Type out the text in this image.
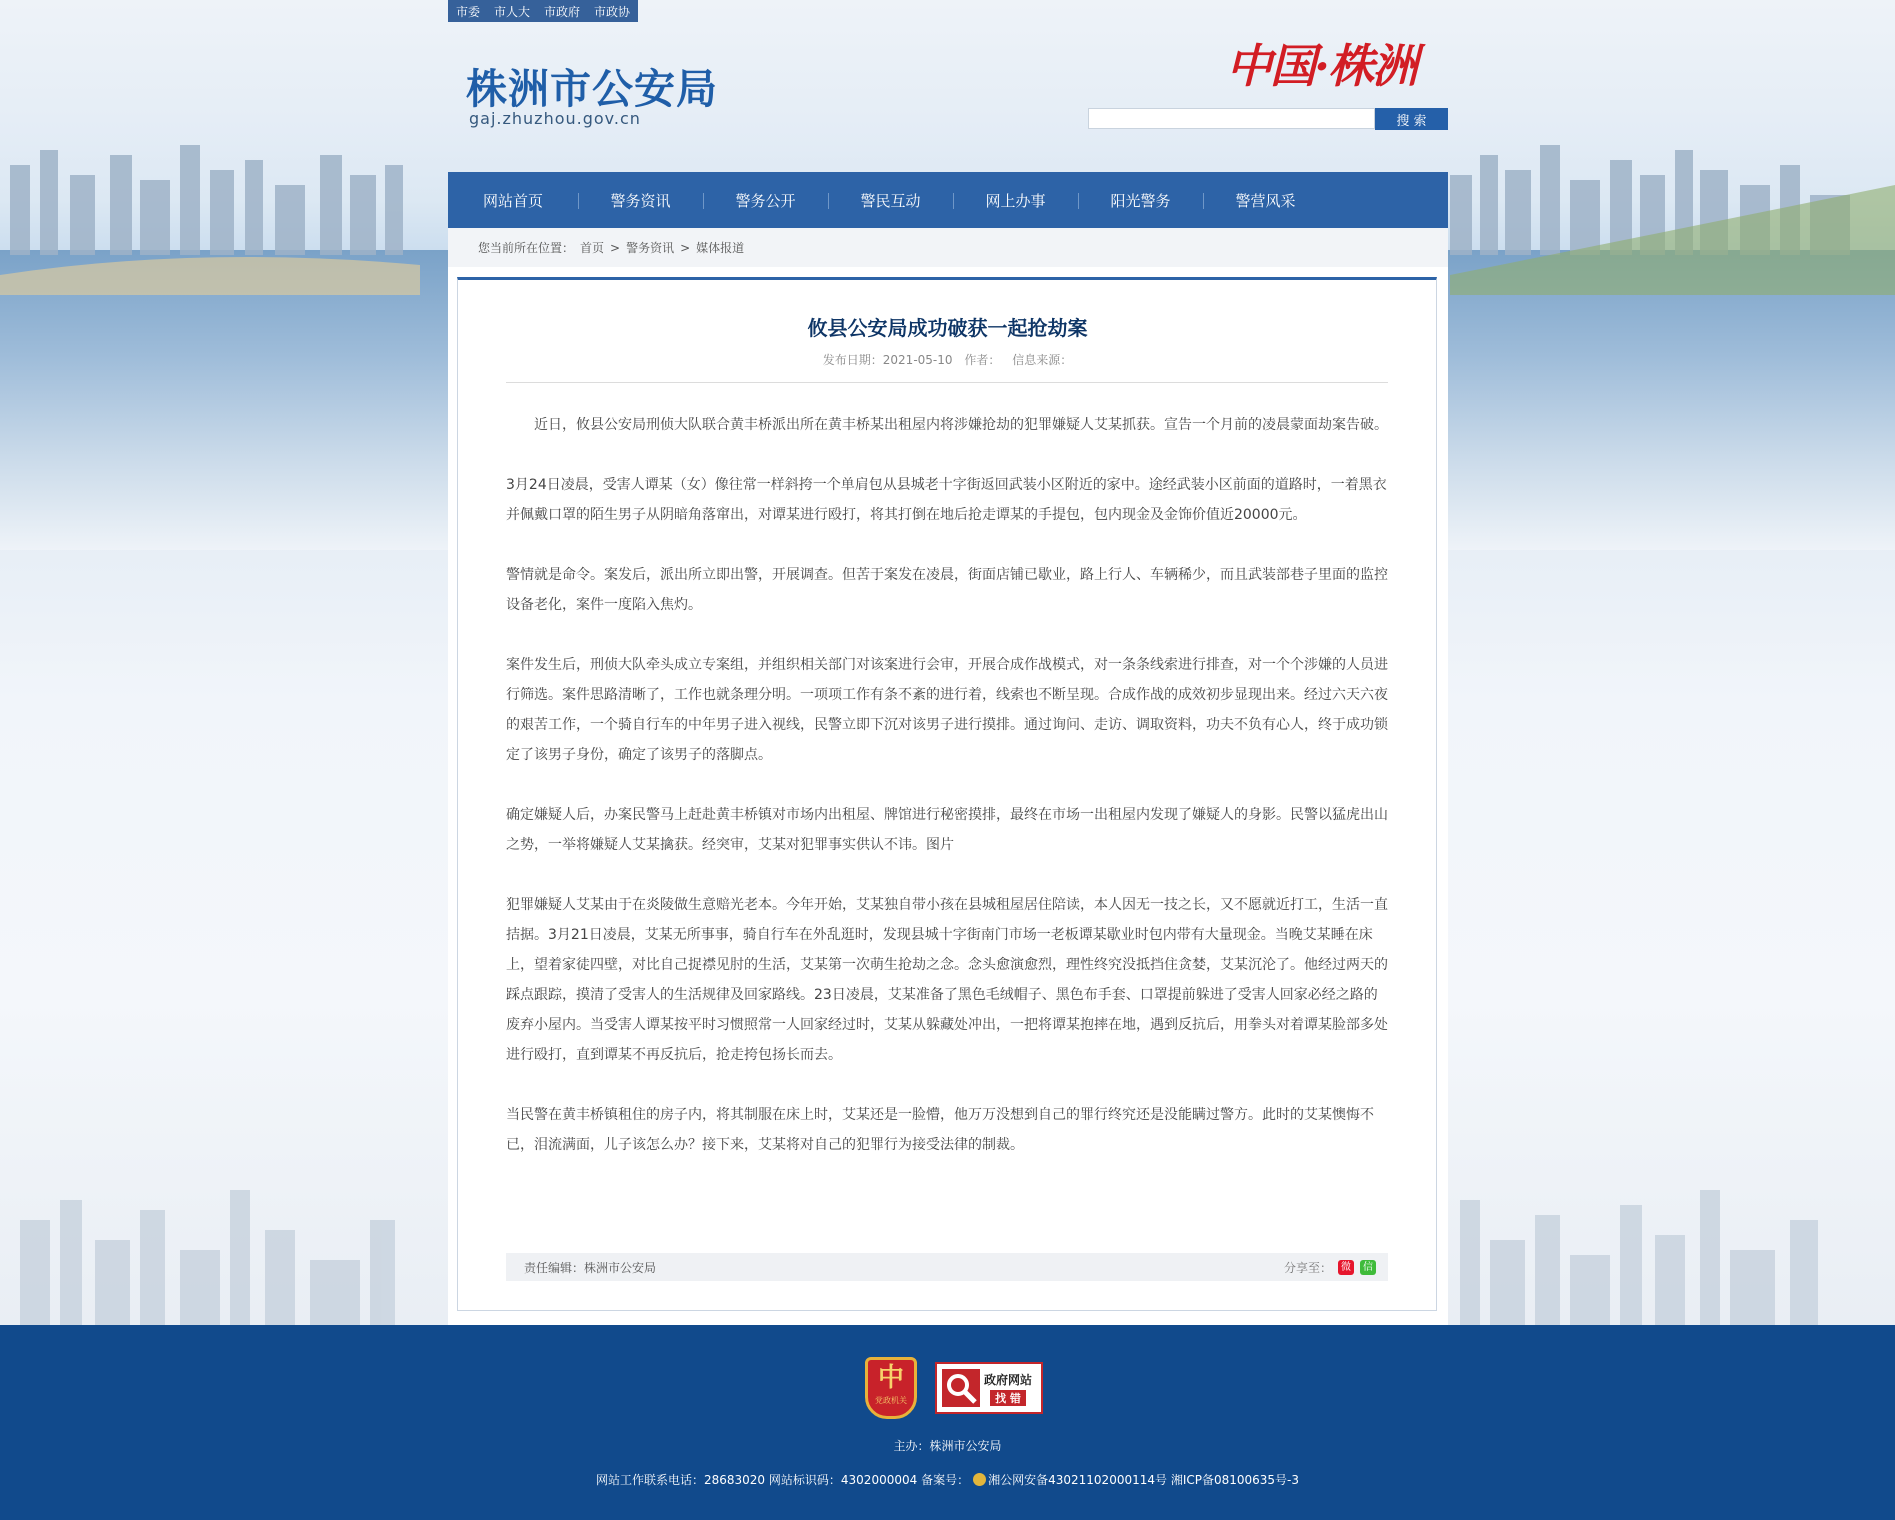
市委 市人大 市政府 市政协
株洲市公安局
gaj.zhuzhou.gov.cn
中国·株洲
搜 索
网站首页	警务资讯	警务公开	警民互动	网上办事	阳光警务	警营风采
您当前所在位置： 首页 > 警务资讯 > 媒体报道
攸县公安局成功破获一起抢劫案
发布日期：2021-05-10 作者： 信息来源：

近日，攸县公安局刑侦大队联合黄丰桥派出所在黄丰桥某出租屋内将涉嫌抢劫的犯罪嫌疑人艾某抓获。宣告一个月前的凌晨蒙面劫案告破。

3月24日凌晨，受害人谭某（女）像往常一样斜挎一个单肩包从县城老十字街返回武装小区附近的家中。途经武装小区前面的道路时，一着黑衣并佩戴口罩的陌生男子从阴暗角落窜出，对谭某进行殴打，将其打倒在地后抢走谭某的手提包，包内现金及金饰价值近20000元。

警情就是命令。案发后，派出所立即出警，开展调查。但苦于案发在凌晨，街面店铺已歇业，路上行人、车辆稀少，而且武装部巷子里面的监控设备老化，案件一度陷入焦灼。

案件发生后，刑侦大队牵头成立专案组，并组织相关部门对该案进行会审，开展合成作战模式，对一条条线索进行排查，对一个个涉嫌的人员进行筛选。案件思路清晰了，工作也就条理分明。一项项工作有条不紊的进行着，线索也不断呈现。合成作战的成效初步显现出来。经过六天六夜的艰苦工作，一个骑自行车的中年男子进入视线，民警立即下沉对该男子进行摸排。通过询问、走访、调取资料，功夫不负有心人，终于成功锁定了该男子身份，确定了该男子的落脚点。

确定嫌疑人后，办案民警马上赶赴黄丰桥镇对市场内出租屋、牌馆进行秘密摸排，最终在市场一出租屋内发现了嫌疑人的身影。民警以猛虎出山之势，一举将嫌疑人艾某擒获。经突审，艾某对犯罪事实供认不讳。图片

犯罪嫌疑人艾某由于在炎陵做生意赔光老本。今年开始，艾某独自带小孩在县城租屋居住陪读，本人因无一技之长，又不愿就近打工，生活一直拮据。3月21日凌晨，艾某无所事事，骑自行车在外乱逛时，发现县城十字街南门市场一老板谭某歇业时包内带有大量现金。当晚艾某睡在床上，望着家徒四壁，对比自己捉襟见肘的生活，艾某第一次萌生抢劫之念。念头愈演愈烈，理性终究没抵挡住贪婪，艾某沉沦了。他经过两天的踩点跟踪，摸清了受害人的生活规律及回家路线。23日凌晨，艾某准备了黑色毛绒帽子、黑色布手套、口罩提前躲进了受害人回家必经之路的废弃小屋内。当受害人谭某按平时习惯照常一人回家经过时，艾某从躲藏处冲出，一把将谭某抱摔在地，遇到反抗后，用拳头对着谭某脸部多处进行殴打，直到谭某不再反抗后，抢走挎包扬长而去。

当民警在黄丰桥镇租住的房子内，将其制服在床上时，艾某还是一脸懵，他万万没想到自己的罪行终究还是没能瞒过警方。此时的艾某懊悔不已，泪流满面，儿子该怎么办？接下来，艾某将对自己的犯罪行为接受法律的制裁。

责任编辑：株洲市公安局	分享至： 微	信
中
党政机关
政府网站
找 错
主办：株洲市公安局
网站工作联系电话：28683020 网站标识码：4302000004 备案号： 湘公网安备43021102000114号 湘ICP备08100635号-3
